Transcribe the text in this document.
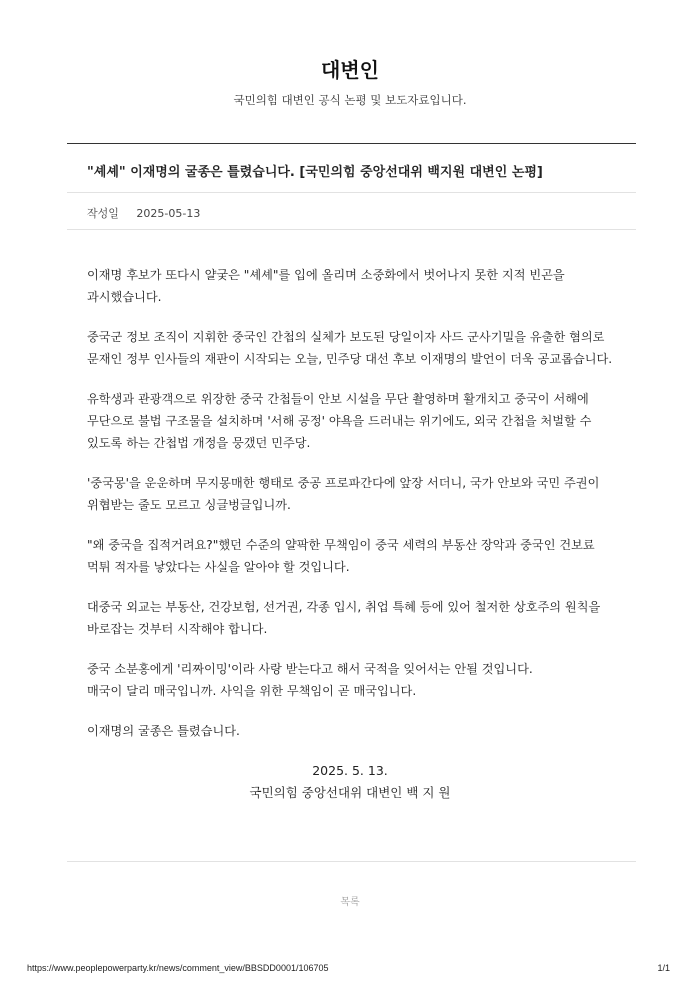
대변인

국민의힘 대변인 공식 논평 및 보도자료입니다.

"셰셰" 이재명의 굴종은 틀렸습니다. [국민의힘 중앙선대위 백지원 대변인 논평]
작성일 2025-05-13

이재명 후보가 또다시 얄궂은 "셰셰"를 입에 올리며 소중화에서 벗어나지 못한 지적 빈곤을 과시했습니다.

중국군 정보 조직이 지휘한 중국인 간첩의 실체가 보도된 당일이자 사드 군사기밀을 유출한 혐의로 문재인 정부 인사들의 재판이 시작되는 오늘, 민주당 대선 후보 이재명의 발언이 더욱 공교롭습니다.

유학생과 관광객으로 위장한 중국 간첩들이 안보 시설을 무단 촬영하며 활개치고 중국이 서해에 무단으로 불법 구조물을 설치하며 '서해 공정' 야욕을 드러내는 위기에도, 외국 간첩을 처벌할 수 있도록 하는 간첩법 개정을 뭉갰던 민주당.

'중국몽'을 운운하며 무지몽매한 행태로 중공 프로파간다에 앞장 서더니, 국가 안보와 국민 주권이 위협받는 줄도 모르고 싱글벙글입니까.

"왜 중국을 집적거려요?"했던 수준의 얄팍한 무책임이 중국 세력의 부동산 장악과 중국인 건보료 먹튀 적자를 낳았다는 사실을 알아야 할 것입니다.

대중국 외교는 부동산, 건강보험, 선거권, 각종 입시, 취업 특혜 등에 있어 철저한 상호주의 원칙을 바로잡는 것부터 시작해야 합니다.

중국 소분홍에게 '리짜이밍'이라 사랑 받는다고 해서 국적을 잊어서는 안될 것입니다.

매국이 달리 매국입니까. 사익을 위한 무책임이 곧 매국입니다.

이재명의 굴종은 틀렸습니다.

2025. 5. 13.
국민의힘 중앙선대위 대변인 백 지 원
목록
https://www.peoplepowerparty.kr/news/comment_view/BBSDD0001/106705	1/1
